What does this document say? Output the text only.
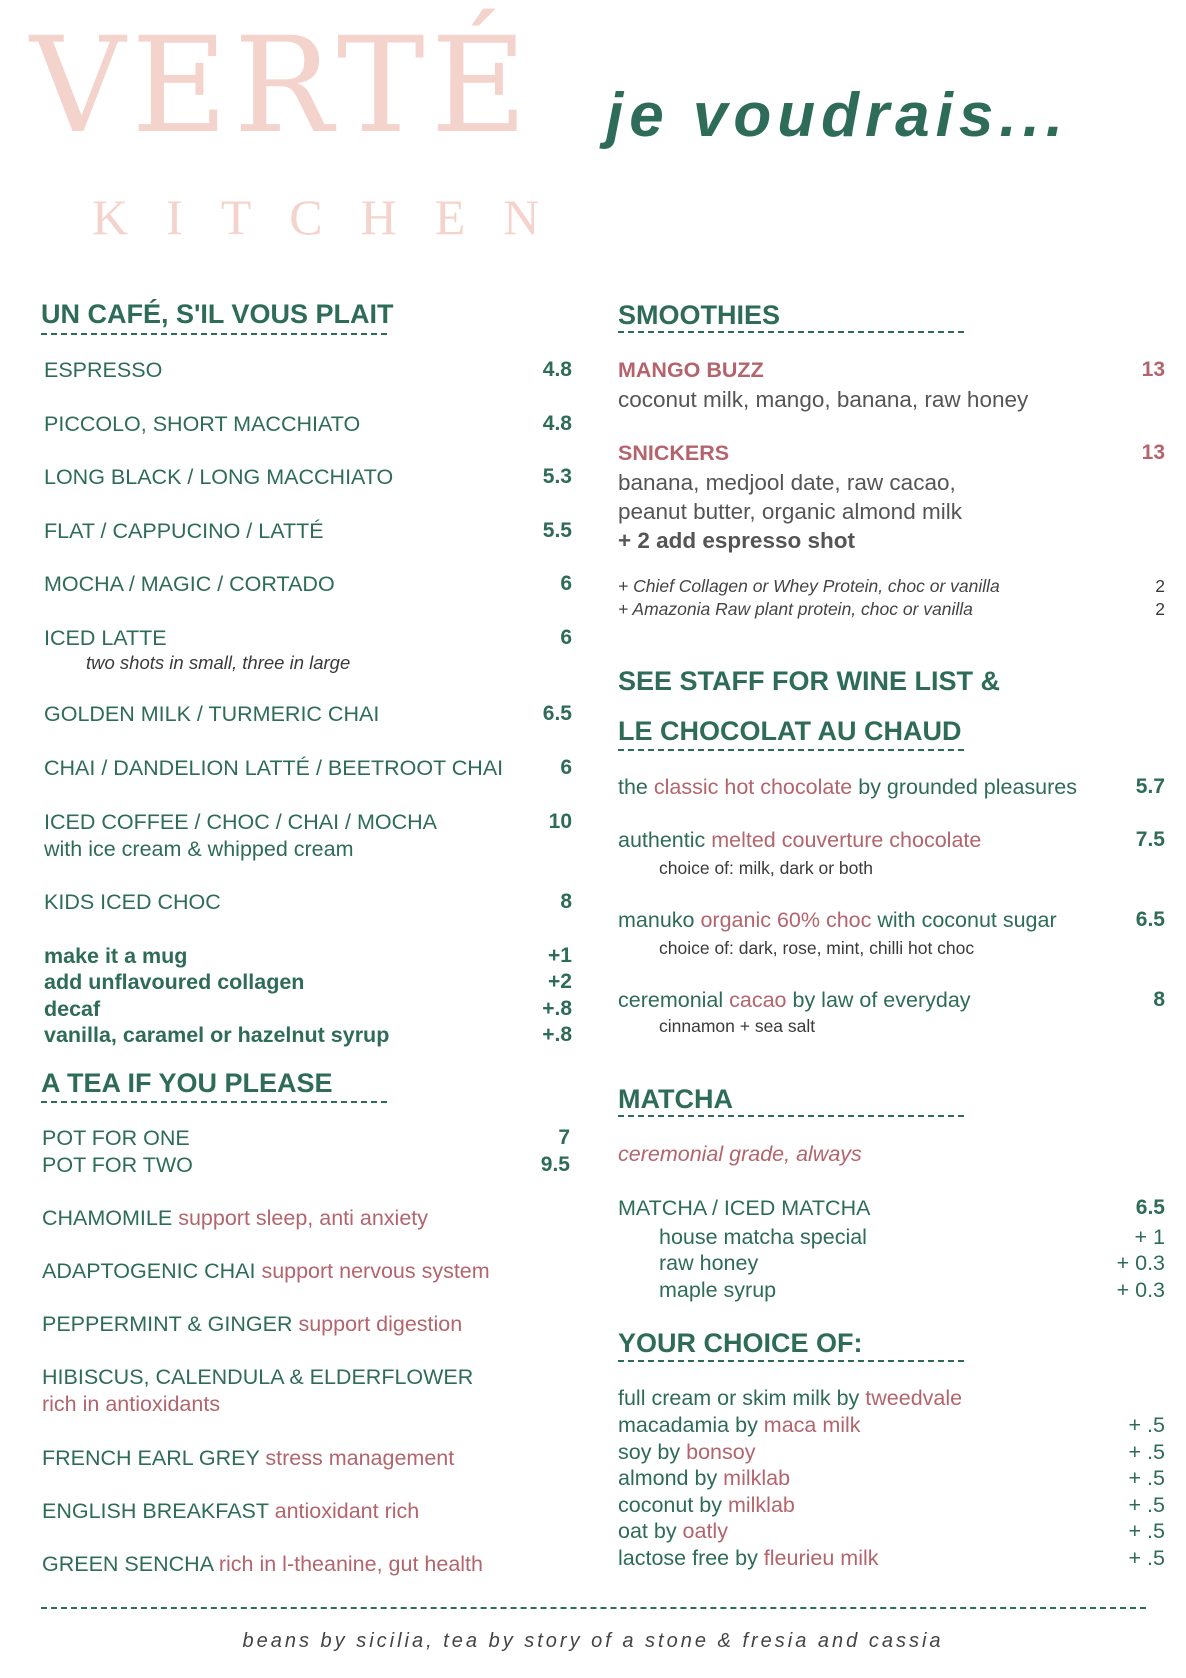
VERTÉ
KITCHEN
je voudrais...
UN CAFÉ, S'IL VOUS PLAIT
ESPRESSO	4.8
PICCOLO, SHORT MACCHIATO	4.8
LONG BLACK / LONG MACCHIATO	5.3
FLAT / CAPPUCINO / LATTÉ	5.5
MOCHA / MAGIC / CORTADO	6
ICED LATTE	6
two shots in small, three in large
GOLDEN MILK / TURMERIC CHAI	6.5
CHAI / DANDELION LATTÉ / BEETROOT CHAI	6
ICED COFFEE / CHOC / CHAI / MOCHA	10
with ice cream & whipped cream
KIDS ICED CHOC	8
make it a mug	+1
add unflavoured collagen	+2
decaf	+.8
vanilla, caramel or hazelnut syrup	+.8
A TEA IF YOU PLEASE
POT FOR ONE	7
POT FOR TWO	9.5
CHAMOMILE support sleep, anti anxiety
ADAPTOGENIC CHAI support nervous system
PEPPERMINT & GINGER support digestion
HIBISCUS, CALENDULA & ELDERFLOWER
rich in antioxidants
FRENCH EARL GREY stress management
ENGLISH BREAKFAST antioxidant rich
GREEN SENCHA rich in l-theanine, gut health
SMOOTHIES
MANGO BUZZ	13
coconut milk, mango, banana, raw honey
SNICKERS	13
banana, medjool date, raw cacao,
peanut butter, organic almond milk
+ 2 add espresso shot
+ Chief Collagen or Whey Protein, choc or vanilla	2
+ Amazonia Raw plant protein, choc or vanilla	2
SEE STAFF FOR WINE LIST &
LE CHOCOLAT AU CHAUD
the classic hot chocolate by grounded pleasures	5.7
authentic melted couverture chocolate	7.5
choice of: milk, dark or both
manuko organic 60% choc with coconut sugar	6.5
choice of: dark, rose, mint, chilli hot choc
ceremonial cacao by law of everyday	8
cinnamon + sea salt
MATCHA
ceremonial grade, always
MATCHA / ICED MATCHA	6.5
house matcha special	+ 1
raw honey	+ 0.3
maple syrup	+ 0.3
YOUR CHOICE OF:
full cream or skim milk by tweedvale
macadamia by maca milk	+ .5
soy by bonsoy	+ .5
almond by milklab	+ .5
coconut by milklab	+ .5
oat by oatly	+ .5
lactose free by fleurieu milk	+ .5
beans by sicilia, tea by story of a stone & fresia and cassia
